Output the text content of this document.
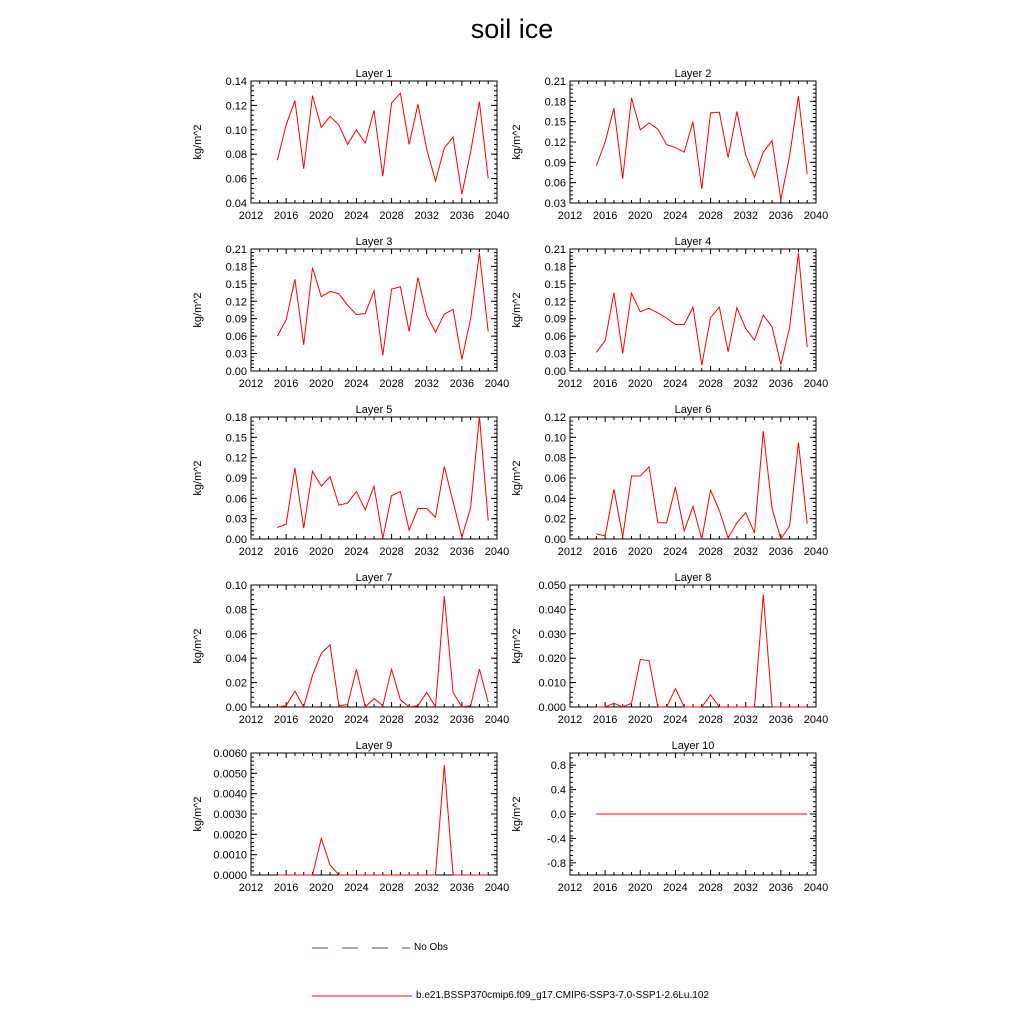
soil ice
Layer 1
kg/m^2
2012 2016 2020 2024 2028 2032 2036 2040
0.04
0.06
0.08
0.10
0.12
0.14
Layer 2
kg/m^2
2012 2016 2020 2024 2028 2032 2036 2040
0.03
0.06
0.09
0.12
0.15
0.18
0.21
Layer 3
kg/m^2
2012 2016 2020 2024 2028 2032 2036 2040
0.00
0.03
0.06
0.09
0.12
0.15
0.18
0.21
Layer 4
kg/m^2
2012 2016 2020 2024 2028 2032 2036 2040
0.00
0.03
0.06
0.09
0.12
0.15
0.18
0.21
Layer 5
kg/m^2
2012 2016 2020 2024 2028 2032 2036 2040
0.00
0.03
0.06
0.09
0.12
0.15
0.18
Layer 6
kg/m^2
2012 2016 2020 2024 2028 2032 2036 2040
0.00
0.02
0.04
0.06
0.08
0.10
0.12
Layer 7
kg/m^2
2012 2016 2020 2024 2028 2032 2036 2040
0.00
0.02
0.04
0.06
0.08
0.10
Layer 8
kg/m^2
2012 2016 2020 2024 2028 2032 2036 2040
0.000
0.010
0.020
0.030
0.040
0.050
Layer 9
kg/m^2
2012 2016 2020 2024 2028 2032 2036 2040
0.0000
0.0010
0.0020
0.0030
0.0040
0.0050
0.0060
Layer 10
kg/m^2
2012 2016 2020 2024 2028 2032 2036 2040
-0.8
-0.4
0.0
0.4
0.8
No Obs
b.e21.BSSP370cmip6.f09_g17.CMIP6-SSP3-7.0-SSP1-2.6Lu.102
